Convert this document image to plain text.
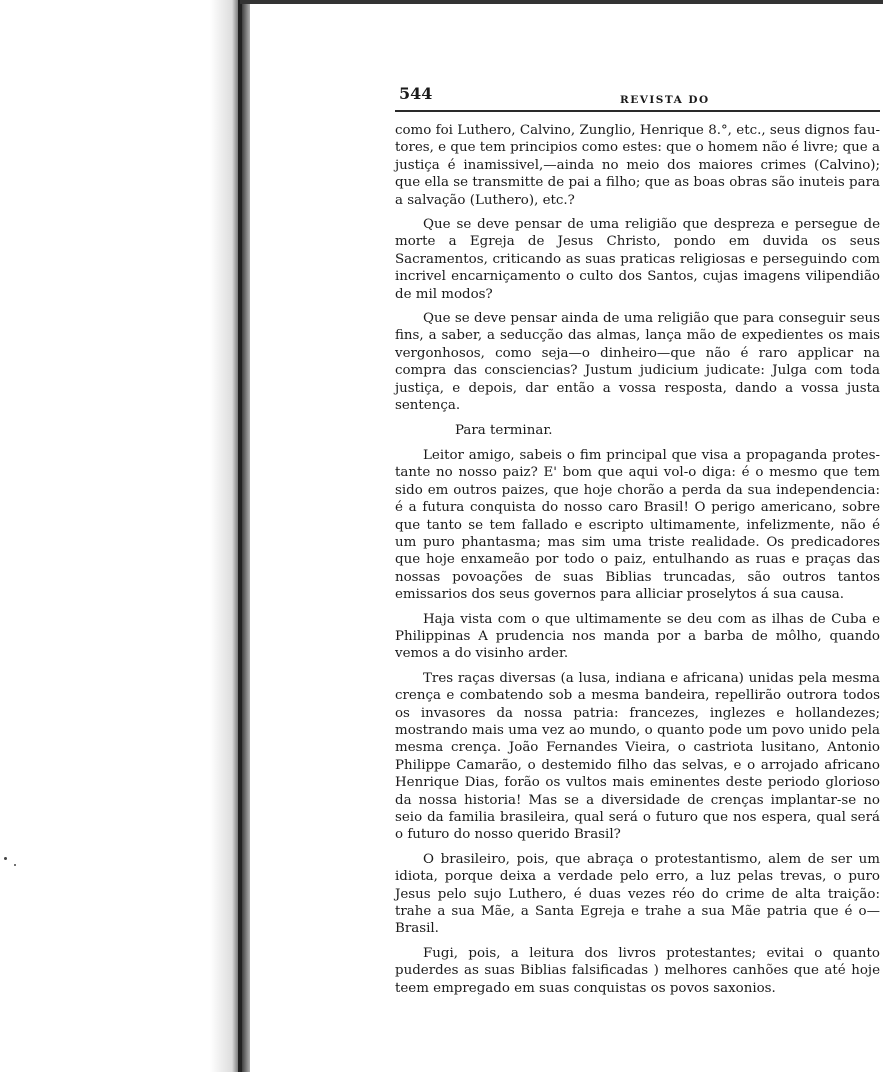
544	REVISTA DO

como foi Luthero, Calvino, Zunglio, Henrique 8.°, etc., seus dignos fautores, e que tem principios como estes: que o homem não é livre; que a justiça é inamissivel,—ainda no meio dos maiores crimes (Calvino); que ella se transmitte de pai a filho; que as boas obras são inuteis para a salvação (Luthero), etc.?

Que se deve pensar de uma religião que despreza e persegue de morte a Egreja de Jesus Christo, pondo em duvida os seus Sacramentos, criticando as suas praticas religiosas e perseguindo com incrivel encarniçamento o culto dos Santos, cujas imagens vilipendião de mil modos?

Que se deve pensar ainda de uma religião que para conseguir seus fins, a saber, a seducção das almas, lança mão de expedientes os mais vergonhosos, como seja—o dinheiro—que não é raro applicar na compra das consciencias? Justum judicium judicate: Julga com toda justiça, e depois, dar então a vossa resposta, dando a vossa justa sentença.

Para terminar.

Leitor amigo, sabeis o fim principal que visa a propaganda protestante no nosso paiz? E' bom que aqui vol-o diga: é o mesmo que tem sido em outros paizes, que hoje chorão a perda da sua independencia: é a futura conquista do nosso caro Brasil! O perigo americano, sobre que tanto se tem fallado e escripto ultimamente, infelizmente, não é um puro phantasma; mas sim uma triste realidade. Os predicadores que hoje enxameão por todo o paiz, entulhando as ruas e praças das nossas povoações de suas Biblias truncadas, são outros tantos emissarios dos seus governos para alliciar proselytos á sua causa.

Haja vista com o que ultimamente se deu com as ilhas de Cuba e Philippinas A prudencia nos manda por a barba de môlho, quando vemos a do visinho arder.

Tres raças diversas (a lusa, indiana e africana) unidas pela mesma crença e combatendo sob a mesma bandeira, repellirão outrora todos os invasores da nossa patria: francezes, inglezes e hollandezes; mostrando mais uma vez ao mundo, o quanto pode um povo unido pela mesma crença. João Fernandes Vieira, o castriota lusitano, Antonio Philippe Camarão, o destemido filho das selvas, e o arrojado africano Henrique Dias, forão os vultos mais eminentes deste periodo glorioso da nossa historia! Mas se a diversidade de crenças implantar-se no seio da familia brasileira, qual será o futuro que nos espera, qual será o futuro do nosso querido Brasil?

O brasileiro, pois, que abraça o protestantismo, alem de ser um idiota, porque deixa a verdade pelo erro, a luz pelas trevas, o puro Jesus pelo sujo Luthero, é duas vezes réo do crime de alta traição: trahe a sua Mãe, a Santa Egreja e trahe a sua Mãe patria que é o—Brasil.

Fugi, pois, a leitura dos livros protestantes; evitai o quanto puderdes as suas Biblias falsificadas ) melhores canhões que até hoje teem empregado em suas conquistas os povos saxonios.
